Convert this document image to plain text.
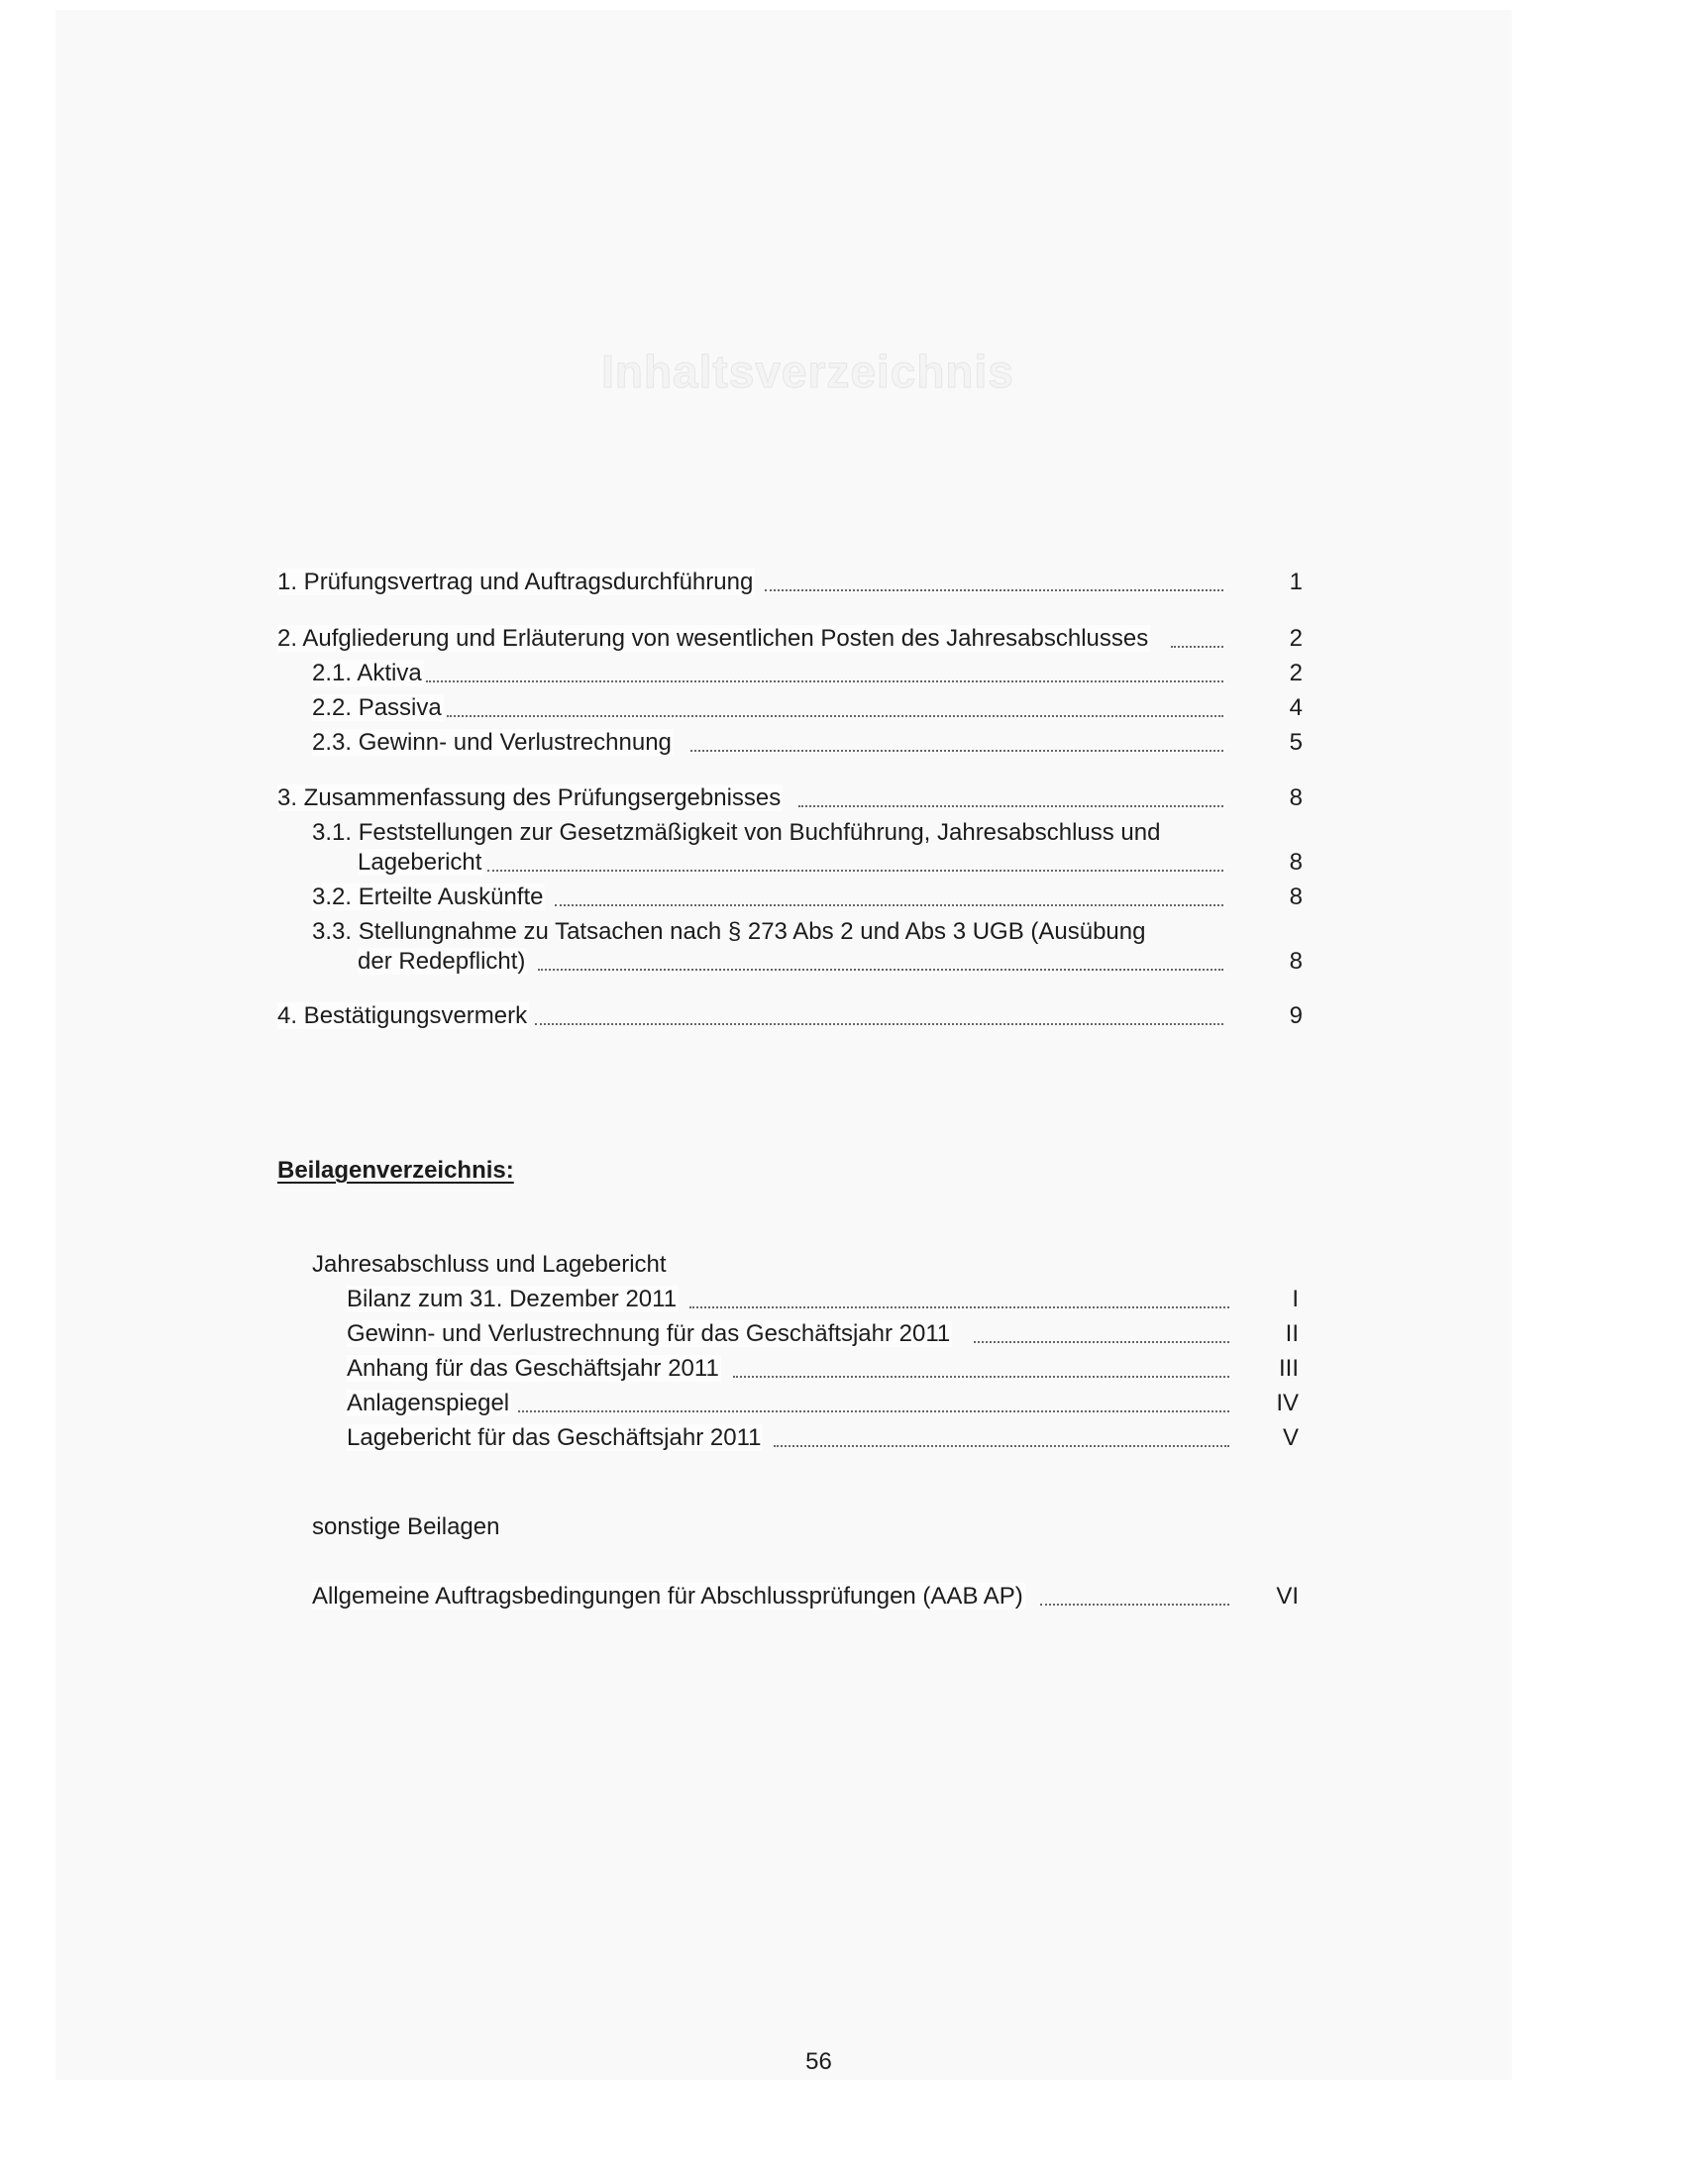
Inhaltsverzeichnis
1. Prüfungsvertrag und Auftragsdurchführung	1
2. Aufgliederung und Erläuterung von wesentlichen Posten des Jahresabschlusses	2
2.1. Aktiva	2
2.2. Passiva	4
2.3. Gewinn- und Verlustrechnung	5
3. Zusammenfassung des Prüfungsergebnisses	8
3.1. Feststellungen zur Gesetzmäßigkeit von Buchführung, Jahresabschluss und
Lagebericht	8
3.2. Erteilte Auskünfte	8
3.3. Stellungnahme zu Tatsachen nach § 273 Abs 2 und Abs 3 UGB (Ausübung
der Redepflicht)	8
4. Bestätigungsvermerk	9
Beilagenverzeichnis:
Jahresabschluss und Lagebericht
Bilanz zum 31. Dezember 2011	I
Gewinn- und Verlustrechnung für das Geschäftsjahr 2011	II
Anhang für das Geschäftsjahr 2011	III
Anlagenspiegel	IV
Lagebericht für das Geschäftsjahr 2011	V
sonstige Beilagen
Allgemeine Auftragsbedingungen für Abschlussprüfungen (AAB AP)	VI
56
